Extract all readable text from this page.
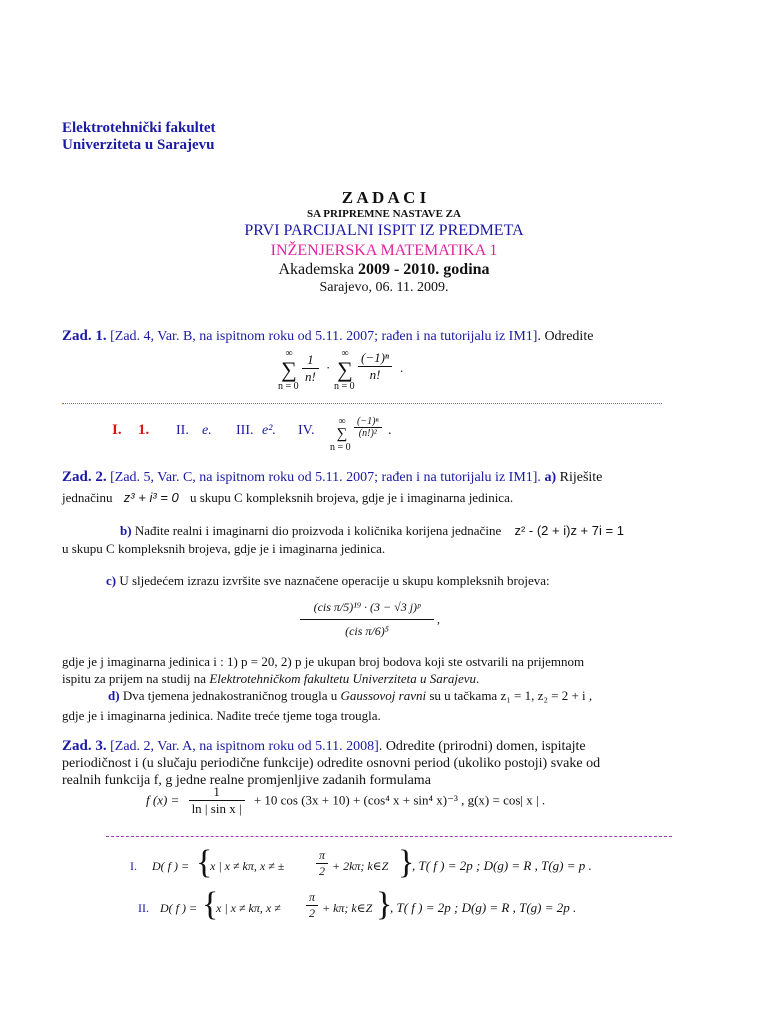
Elektrotehnički fakultet
Univerziteta u Sarajevu
Z A D A C I
SA PRIPREMNE NASTAVE ZA
PRVI PARCIJALNI ISPIT IZ PREDMETA
INŽENJERSKA MATEMATIKA 1
Akademska 2009 - 2010. godina
Sarajevo, 06. 11. 2009.
Zad. 1. [Zad. 4, Var. B, na ispitnom roku od 5.11. 2007; rađen i na tutorijalu iz IM1]. Odredite
∞
∑
n = 0
$\frac{1}{n!}$ ·
∞
∑
n = 0
$\frac{\text{(−1)ⁿ}}{n!}$ .
I. 1. II. e. III. e². IV.
∞
∑
n = 0
$\frac{\text{(−1)ⁿ}}{\text{(n!)²}}$ .
Zad. 2. [Zad. 5, Var. C, na ispitnom roku od 5.11. 2007; rađen i na tutorijalu iz IM1]. a) Riješite
jednačinu z³ + i³ = 0 u skupu C kompleksnih brojeva, gdje je i imaginarna jedinica.
b) Nađite realni i imaginarni dio proizvoda i količnika korijena jednačine z² - (2 + i)z + 7i = 1
u skupu C kompleksnih brojeva, gdje je i imaginarna jedinica.
c) U sljedećem izrazu izvršite sve naznačene operacije u skupu kompleksnih brojeva:
$\frac{\text{(cis π/5)¹⁹ · (3 − √3 j)ᵖ}}{\text{(cis π/6)⁵}}$ ,
gdje je j imaginarna jedinica i : 1) p = 20, 2) p je ukupan broj bodova koji ste ostvarili na prijemnom
ispitu za prijem na studij na Elektrotehničkom fakultetu Univerziteta u Sarajevu.
d) Dva tjemena jednakostraničnog trougla u Gaussovoj ravni su u tačkama z₁ = 1, z₂ = 2 + i ,
gdje je i imaginarna jedinica. Nađite treće tjeme toga trougla.
Zad. 3. [Zad. 2, Var. A, na ispitnom roku od 5.11. 2008]. Odredite (prirodni) domen, ispitajte
periodičnost i (u slučaju periodične funkcije) odredite osnovni period (ukoliko postoji) svake od
realnih funkcija f, g jedne realne promjenljive zadanih formulama
f $(x) = \frac{1}{\text{ln | sin x |}} + 10$ cos (3x + 10) + (cos⁴ x + sin⁴ x)⁻³ , g(x) = cos| x | .
I. D( f ) = {
x | x ≠ kπ, x ≠ ±	$\frac{\pi}{2} + 2k\pi$; k∈Z }
, T( f ) = 2p ; D(g) = R , T(g) = p .
II. D( f ) = {
x | x ≠ kπ, $x \ne \frac{\pi}{2} + k\pi$; k∈Z }
, T( f ) = 2p ; D(g) = R , T(g) = 2p .
